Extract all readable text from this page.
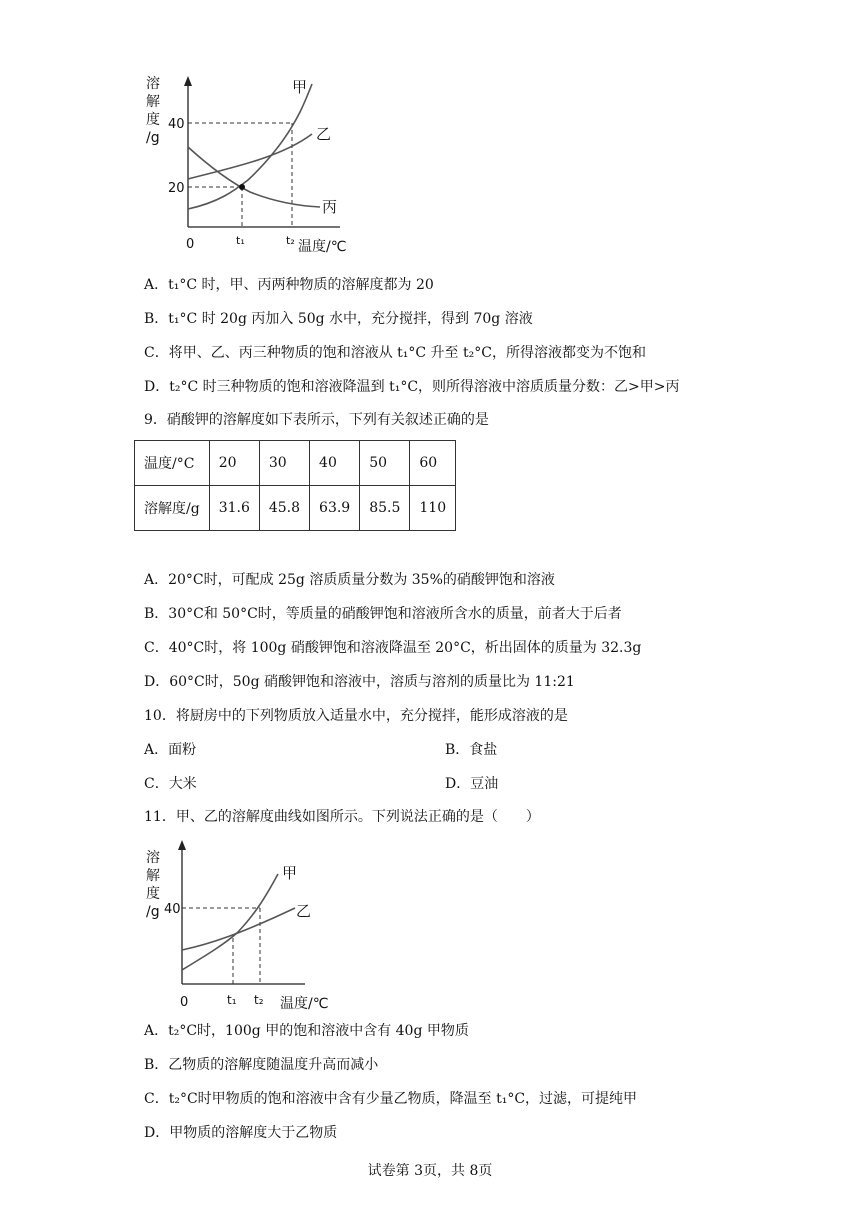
溶
解
度
/g
40
20
0	t₁	t₂ 温度/℃
甲
乙
丙
A．t₁°C 时，甲、丙两种物质的溶解度都为 20
B．t₁°C 时 20g 丙加入 50g 水中，充分搅拌，得到 70g 溶液
C．将甲、乙、丙三种物质的饱和溶液从 t₁°C 升至 t₂°C，所得溶液都变为不饱和
D．t₂°C 时三种物质的饱和溶液降温到 t₁°C，则所得溶液中溶质质量分数：乙>甲>丙
9．硝酸钾的溶解度如下表所示，下列有关叙述正确的是
温度/°C	20	30	40	50	60
溶解度/g	31.6	45.8	63.9	85.5	110
A．20°C时，可配成 25g 溶质质量分数为 35%的硝酸钾饱和溶液
B．30°C和 50°C时，等质量的硝酸钾饱和溶液所含水的质量，前者大于后者
C．40°C时，将 100g 硝酸钾饱和溶液降温至 20°C，析出固体的质量为 32.3g
D．60°C时，50g 硝酸钾饱和溶液中，溶质与溶剂的质量比为 11:21
10．将厨房中的下列物质放入适量水中，充分搅拌，能形成溶液的是
A．面粉	B．食盐
C．大米	D．豆油
11．甲、乙的溶解度曲线如图所示。下列说法正确的是（　　）
溶
解
度
/g 40
0	t₁ t₂ 温度/℃
甲
乙
A．t₂°C时，100g 甲的饱和溶液中含有 40g 甲物质
B．乙物质的溶解度随温度升高而减小
C．t₂°C时甲物质的饱和溶液中含有少量乙物质，降温至 t₁°C，过滤，可提纯甲
D．甲物质的溶解度大于乙物质
试卷第 3页，共 8页
